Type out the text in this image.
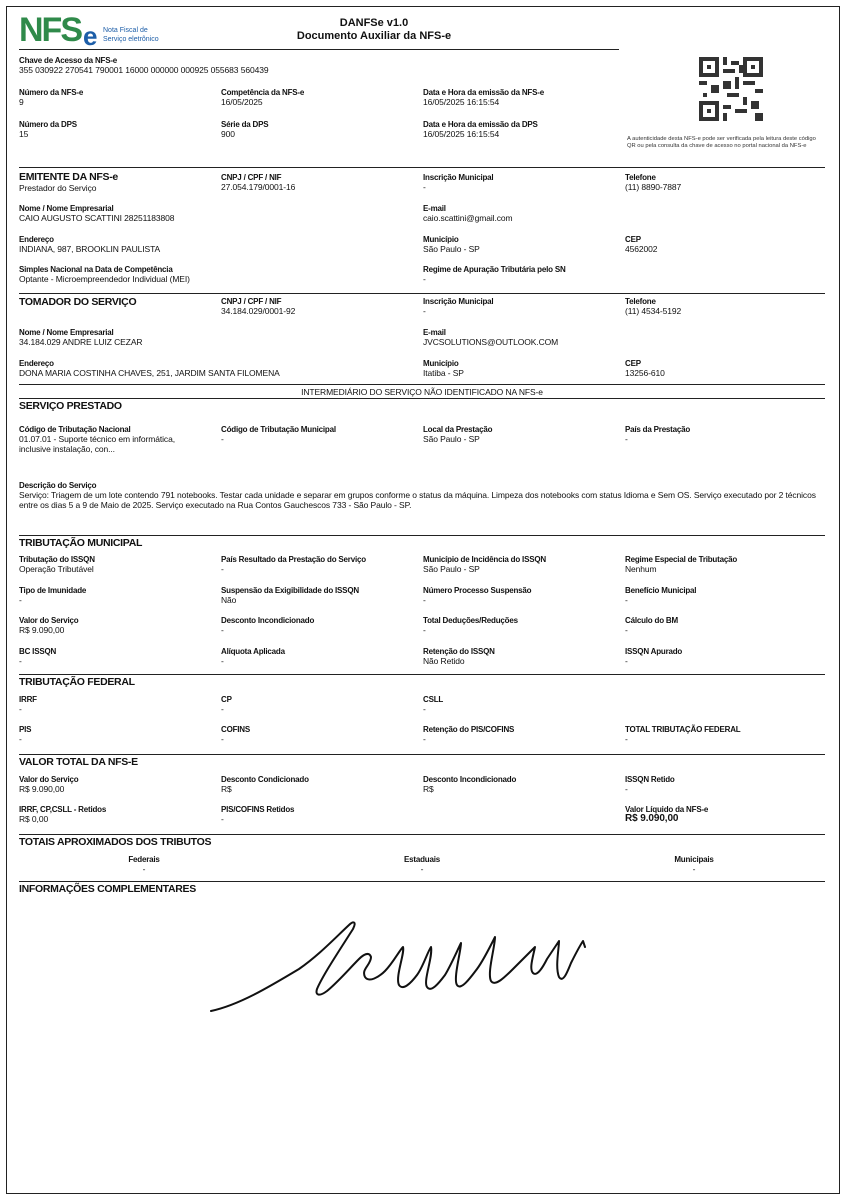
NFS e Nota Fiscal de
Serviço eletrônico
DANFSe v1.0
Documento Auxiliar da NFS-e
Chave de Acesso da NFS-e
355 030922 270541 790001 16000 000000 000925 055683 560439
Número da NFS-e
9
Competência da NFS-e
16/05/2025
Data e Hora da emissão da NFS-e
16/05/2025 16:15:54
Número da DPS
15
Série da DPS
900
Data e Hora da emissão da DPS
16/05/2025 16:15:54	A autenticidade desta NFS-e pode ser verificada pela leitura deste código QR ou pela consulta da chave de acesso no portal nacional da NFS-e
EMITENTE DA NFS-e
Prestador do Serviço
CNPJ / CPF / NIF
27.054.179/0001-16
Inscrição Municipal
-
Telefone
(11) 8890-7887
Nome / Nome Empresarial
CAIO AUGUSTO SCATTINI 28251183808
E-mail
caio.scattini@gmail.com
Endereço
INDIANA, 987, BROOKLIN PAULISTA
Município
São Paulo - SP
CEP
4562002
Simples Nacional na Data de Competência
Optante - Microempreendedor Individual (MEI)
Regime de Apuração Tributária pelo SN
-
TOMADOR DO SERVIÇO	CNPJ / CPF / NIF
34.184.029/0001-92
Inscrição Municipal
-
Telefone
(11) 4534-5192
Nome / Nome Empresarial
34.184.029 ANDRE LUIZ CEZAR
E-mail
JVCSOLUTIONS@OUTLOOK.COM
Endereço
DONA MARIA COSTINHA CHAVES, 251, JARDIM SANTA FILOMENA
Município
Itatiba - SP
CEP
13256-610
INTERMEDIÁRIO DO SERVIÇO NÃO IDENTIFICADO NA NFS-e
SERVIÇO PRESTADO
Código de Tributação Nacional
01.07.01 - Suporte técnico em informática, inclusive instalação, con...
Código de Tributação Municipal
-
Local da Prestação
São Paulo - SP
País da Prestação
-
Descrição do Serviço
Serviço: Triagem de um lote contendo 791 notebooks. Testar cada unidade e separar em grupos conforme o status da máquina. Limpeza dos notebooks com status Idioma e Sem OS. Serviço executado por 2 técnicos entre os dias 5 a 9 de Maio de 2025. Serviço executado na Rua Contos Gauchescos 733 - São Paulo - SP.
TRIBUTAÇÃO MUNICIPAL
Tributação do ISSQN
Operação Tributável
País Resultado da Prestação do Serviço
-
Município de Incidência do ISSQN
São Paulo - SP
Regime Especial de Tributação
Nenhum
Tipo de Imunidade
-
Suspensão da Exigibilidade do ISSQN
Não
Número Processo Suspensão
-
Benefício Municipal
-
Valor do Serviço
R$ 9.090,00
Desconto Incondicionado
-
Total Deduções/Reduções
-
Cálculo do BM
-
BC ISSQN
-
Alíquota Aplicada
-
Retenção do ISSQN
Não Retido
ISSQN Apurado
-
TRIBUTAÇÃO FEDERAL
IRRF
-
CP
-
CSLL
-
PIS
-
COFINS
-
Retenção do PIS/COFINS
-
TOTAL TRIBUTAÇÃO FEDERAL
-
VALOR TOTAL DA NFS-E
Valor do Serviço
R$ 9.090,00
Desconto Condicionado
R$
Desconto Incondicionado
R$
ISSQN Retido
-
IRRF, CP,CSLL - Retidos
R$ 0,00
PIS/COFINS Retidos
-
Valor Líquido da NFS-e
R$ 9.090,00
TOTAIS APROXIMADOS DOS TRIBUTOS
Federais
-
Estaduais
-
Municipais
-
INFORMAÇÕES COMPLEMENTARES
